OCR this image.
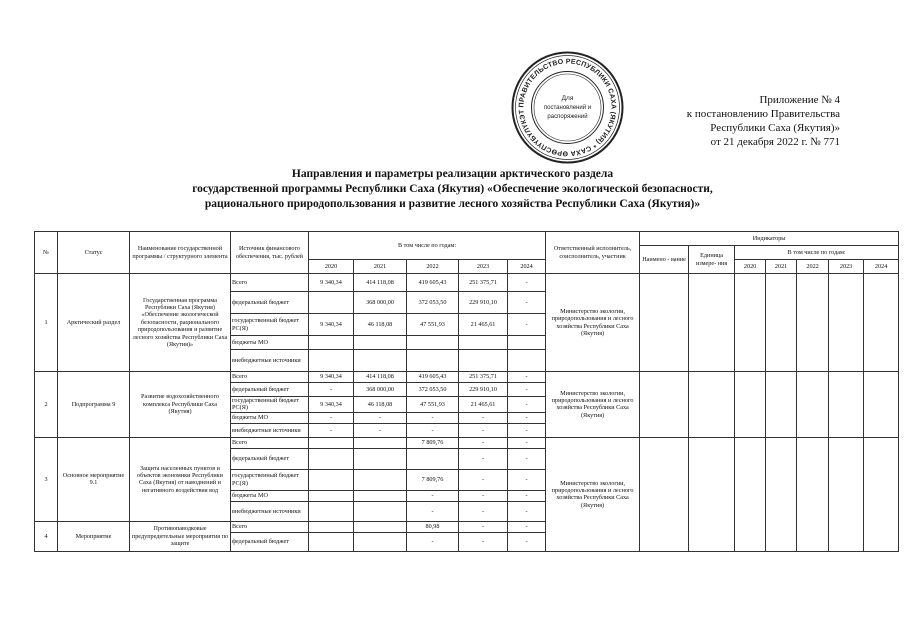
ПРАВИТЕЛЬСТВО РЕСПУБЛИКИ САХА (ЯКУТИЯ) * САХА ӨРӨСПҮҮБҮЛҮКЭТ
Для
постановлений и
распоряжений
Приложение № 4
к постановлению Правительства
Республики Саха (Якутия)»
от 21 декабря 2022 г. № 771
Направления и параметры реализации арктического раздела
государственной программы Республики Саха (Якутия) «Обеспечение экологической безопасности,
рационального природопользования и развитие лесного хозяйства Республики Саха (Якутия)»
№	Статус	Наименование государственной программы / структурного элемента	Источник финансового обеспечения, тыс. рублей	В том числе по годам:					Ответственный исполнитель, соисполнитель, участник	Индикаторы						
										Наимено - вание	Единица измере- ния	В том числе по годам:				
				2020	2021	2022	2023	2024				2020	2021	2022	2023	2024
1	Арктический раздел	Государственная программа Республики Саха (Якутия) «Обеспечение экологической безопасности, рационального природопользования и развитие лесного хозяйства Республики Саха (Якутия)»	Всего	9 340,34	414 118,08	419 605,43	251 375,71	-	Министерство экологии, природопользования и лесного хозяйства Республики Саха (Якутия)							
			федеральный бюджет		368 000,00	372 053,50	229 910,10	-								
			государственный бюджет РС(Я)	9 340,34	46 118,08	47 551,93	21 465,61	-								
			бюджеты МО													
			внебюджетные источники													
2	Подпрограмма 9	Развитие водохозяйственного комплекса Республики Саха (Якутия)	Всего	9 340,34	414 118,08	419 605,43	251 375,71	-	Министерство экологии, природопользования и лесного хозяйства Республики Саха (Якутия)							
			федеральный бюджет	-	368 000,00	372 053,50	229 910,10	-								
			государственный бюджет РС(Я)	9 340,34	46 118,08	47 551,93	21 465,61	-								
			бюджеты МО	-	-	-	-	-								
			внебюджетные источники	-	-	-	-	-								
3	Основное мероприятие 9.1	Защита населенных пунктов и объектов экономики Республики Саха (Якутия) от наводнений и негативного воздействия вод	Всего			7 809,76	-	-	Министерство экологии, природопользования и лесного хозяйства Республики Саха (Якутия)							
			федеральный бюджет				-	-								
			государственный бюджет РС(Я)			7 809,76	-	-								
			бюджеты МО			-	-	-								
			внебюджетные источники			-	-	-								
4	Мероприятие	Противопаводковые предупредительные мероприятия по защите	Всего			80,98	-	-								
			федеральный бюджет			-	-	-								
